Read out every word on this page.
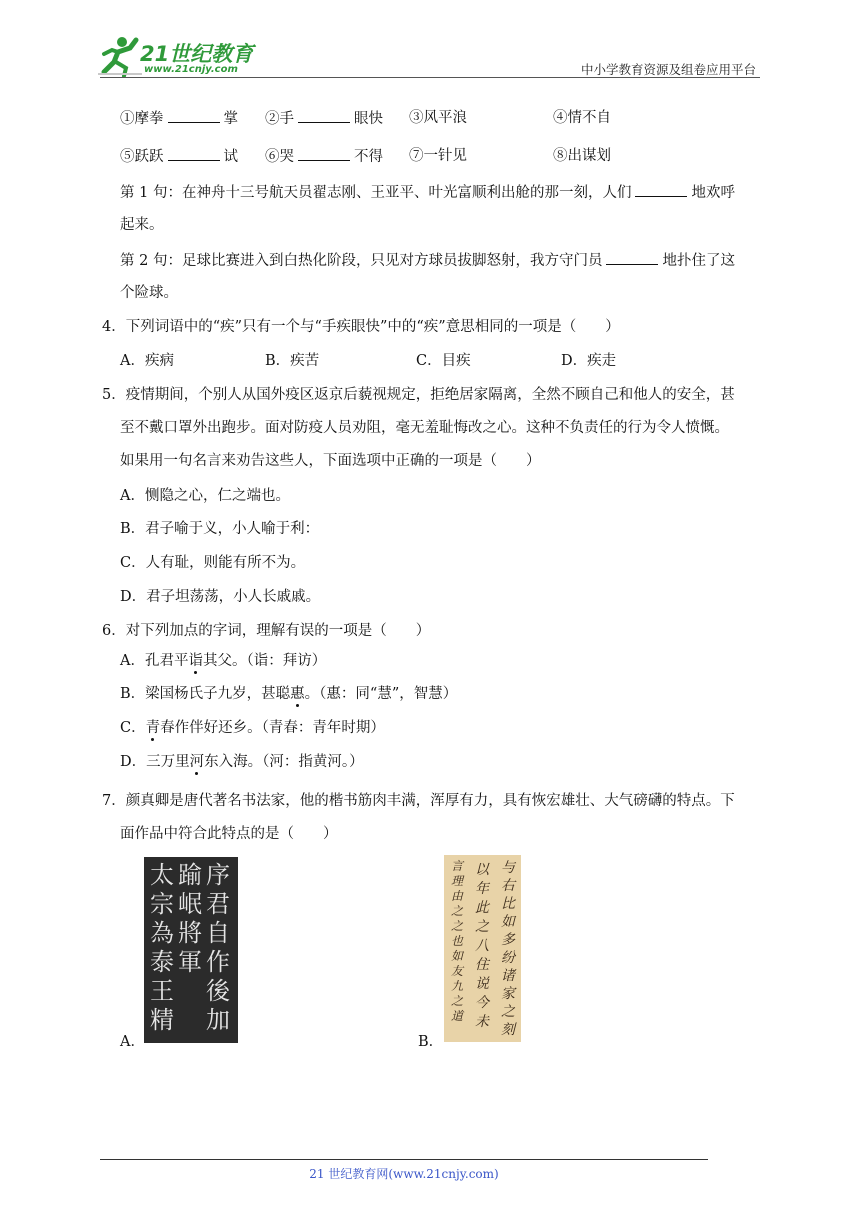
21世纪教育
www.21cnjy.com	中小学教育资源及组卷应用平台
①摩拳	掌 ②手	眼快 ③风平浪	④情不自
⑤跃跃	试 ⑥哭	不得 ⑦一针见	⑧出谋划
第 1 句：在神舟十三号航天员翟志刚、王亚平、叶光富顺利出舱的那一刻，人们	地欢呼
起来。
第 2 句：足球比赛进入到白热化阶段，只见对方球员拔脚怒射，我方守门员	地扑住了这
个险球。
4．下列词语中的“疾”只有一个与“手疾眼快”中的“疾”意思相同的一项是（　　）
A．疾病	B．疾苦	C．目疾	D．疾走
5．疫情期间，个别人从国外疫区返京后藐视规定，拒绝居家隔离，全然不顾自己和他人的安全，甚
至不戴口罩外出跑步。面对防疫人员劝阻，毫无羞耻悔改之心。这种不负责任的行为令人愤慨。
如果用一句名言来劝告这些人，下面选项中正确的一项是（　　）
A．恻隐之心，仁之端也。
B．君子喻于义，小人喻于利：
C．人有耻，则能有所不为。
D．君子坦荡荡，小人长戚戚。
6．对下列加点的字词，理解有误的一项是（　　）
A．孔君平诣其父。（诣：拜访）
B．梁国杨氏子九岁，甚聪惠。（惠：同“慧”，智慧）
C．青春作伴好还乡。（青春：青年时期）
D．三万里河东入海。（河：指黄河。）
7．颜真卿是唐代著名书法家，他的楷书筋肉丰满，浑厚有力，具有恢宏雄壮、大气磅礴的特点。下
面作品中符合此特点的是（　　）
序君自作後加
踰岷將軍
太宗為泰王精
A．
与右比如多纷诸家之刻
以年此之八住说今未
言理由之之也如友九之道
B．
21 世纪教育网(www.21cnjy.com)
